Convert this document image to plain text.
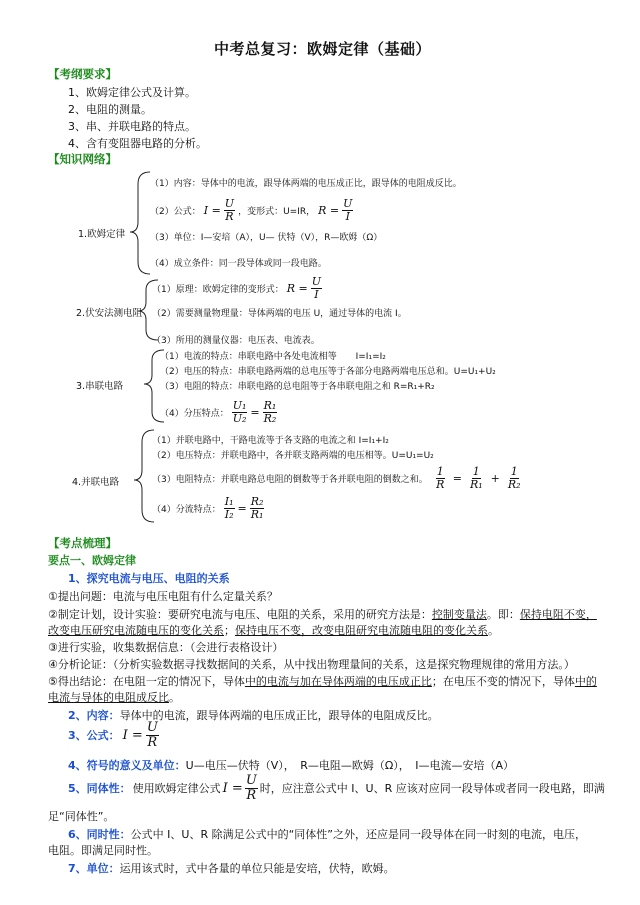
中考总复习：欧姆定律（基础）
【考纲要求】
1、欧姆定律公式及计算。
2、电阻的测量。
3、串、并联电路的特点。
4、含有变阻器电路的分析。
【知识网络】
1.欧姆定律
（1）内容：导体中的电流，跟导体两端的电压成正比，跟导体的电阻成反比。
（2）公式： $I = \frac{U}{R}$ ，变形式：U=IR， $R = \frac{U}{I}$
（3）单位：I—安培（A），U— 伏特（V），R—欧姆（Ω）
（4）成立条件：同一段导体或同一段电路。
2.伏安法测电阻
（1）原理：欧姆定律的变形式： $R = \frac{U}{I}$
（2）需要测量物理量：导体两端的电压 U，通过导体的电流 I。
（3）所用的测量仪器：电压表、电流表。
3.串联电路
（1）电流的特点：串联电路中各处电流相等 I=I₁=I₂
（2）电压的特点：串联电路两端的总电压等于各部分电路两端电压总和。U=U₁+U₂
（3）电阻的特点：串联电路的总电阻等于各串联电阻之和 R=R₁+R₂
（4）分压特点： $\frac{\text{U₁}}{\text{U₂}} = \frac{\text{R₁}}{\text{R₂}}$
4.并联电路
（1）并联电路中，干路电流等于各支路的电流之和 I=I₁+I₂
（2）电压特点：并联电路中，各并联支路两端的电压相等。U=U₁=U₂
（3）电阻特点：并联电路总电阻的倒数等于各并联电阻的倒数之和。 $\frac{1}{R} = \frac{1}{\text{R₁}} + \frac{1}{\text{R₂}}$
（4）分流特点： $\frac{\text{I₁}}{\text{I₂}} = \frac{\text{R₂}}{\text{R₁}}$
【考点梳理】
要点一、欧姆定律
1、探究电流与电压、电阻的关系
①提出问题：电流与电压电阻有什么定量关系？
②制定计划，设计实验：要研究电流与电压、电阻的关系，采用的研究方法是：控制变量法。即：保持电阻不变，
改变电压研究电流随电压的变化关系；保持电压不变，改变电阻研究电流随电阻的变化关系。
③进行实验，收集数据信息：（会进行表格设计）
④分析论证：（分析实验数据寻找数据间的关系，从中找出物理量间的关系，这是探究物理规律的常用方法。）
⑤得出结论：在电阻一定的情况下，导体中的电流与加在导体两端的电压成正比；在电压不变的情况下，导体中的
电流与导体的电阻成反比。
2、内容：导体中的电流，跟导体两端的电压成正比，跟导体的电阻成反比。
3、公式： $I = \frac{U}{R}$
4、符号的意义及单位：U—电压—伏特（V），　R—电阻—欧姆（Ω），　I—电流—安培（A）
5、同体性： 使用欧姆定律公式 $I = \frac{U}{R}$ 时，应注意公式中 I、U、R 应该对应同一段导体或者同一段电路，即满
足“同体性”。
6、同时性：公式中 I、U、R 除满足公式中的“同体性”之外，还应是同一段导体在同一时刻的电流，电压，
电阻。即满足同时性。
7、单位：运用该式时，式中各量的单位只能是安培，伏特，欧姆。
